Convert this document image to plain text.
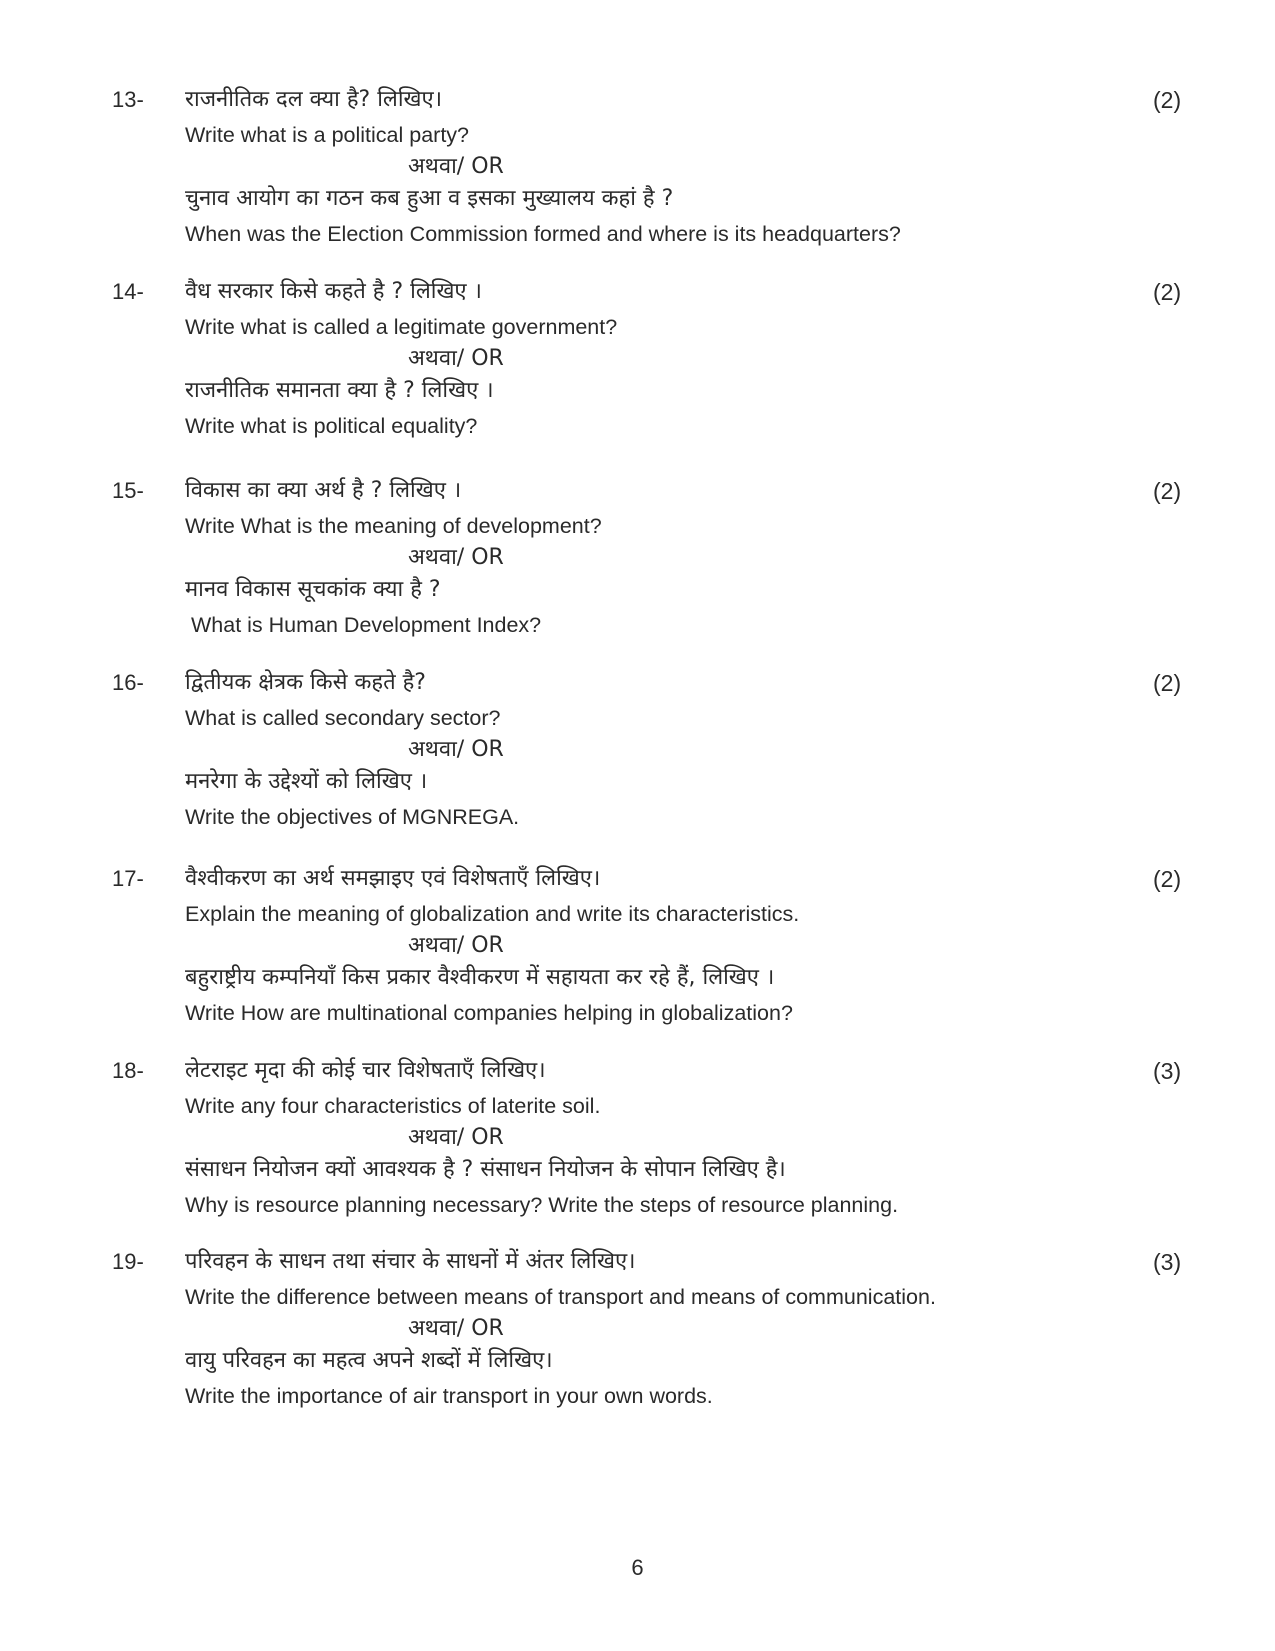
13- राजनीतिक दल क्या है? लिखिए।
Write what is a political party?
अथवा/ OR
चुनाव आयोग का गठन कब हुआ व इसका मुख्यालय कहां है ?
When was the Election Commission formed and where is its headquarters?
(2)
14- वैध सरकार किसे कहते है ? लिखिए ।
Write what is called a legitimate government?
अथवा/ OR
राजनीतिक समानता क्या है ? लिखिए ।
Write what is political equality?
(2)
15- विकास का क्या अर्थ है ? लिखिए ।
Write What is the meaning of development?
अथवा/ OR
मानव विकास सूचकांक क्या है ?
What is Human Development Index?
(2)
16- द्वितीयक क्षेत्रक किसे कहते है?
What is called secondary sector?
अथवा/ OR
मनरेगा के उद्देश्यों को लिखिए ।
Write the objectives of MGNREGA.
(2)
17- वैश्वीकरण का अर्थ समझाइए एवं विशेषताएँ लिखिए।
Explain the meaning of globalization and write its characteristics.
अथवा/ OR
बहुराष्ट्रीय कम्पनियाँ किस प्रकार वैश्वीकरण में सहायता कर रहे हैं, लिखिए ।
Write How are multinational companies helping in globalization?
(2)
18- लेटराइट मृदा की कोई चार विशेषताएँ लिखिए।
Write any four characteristics of laterite soil.
अथवा/ OR
संसाधन नियोजन क्यों आवश्यक है ? संसाधन नियोजन के सोपान लिखिए है।
Why is resource planning necessary? Write the steps of resource planning.
(3)
19- परिवहन के साधन तथा संचार के साधनों में अंतर लिखिए।
Write the difference between means of transport and means of communication.
अथवा/ OR
वायु परिवहन का महत्व अपने शब्दों में लिखिए।
Write the importance of air transport in your own words.
(3)
6
